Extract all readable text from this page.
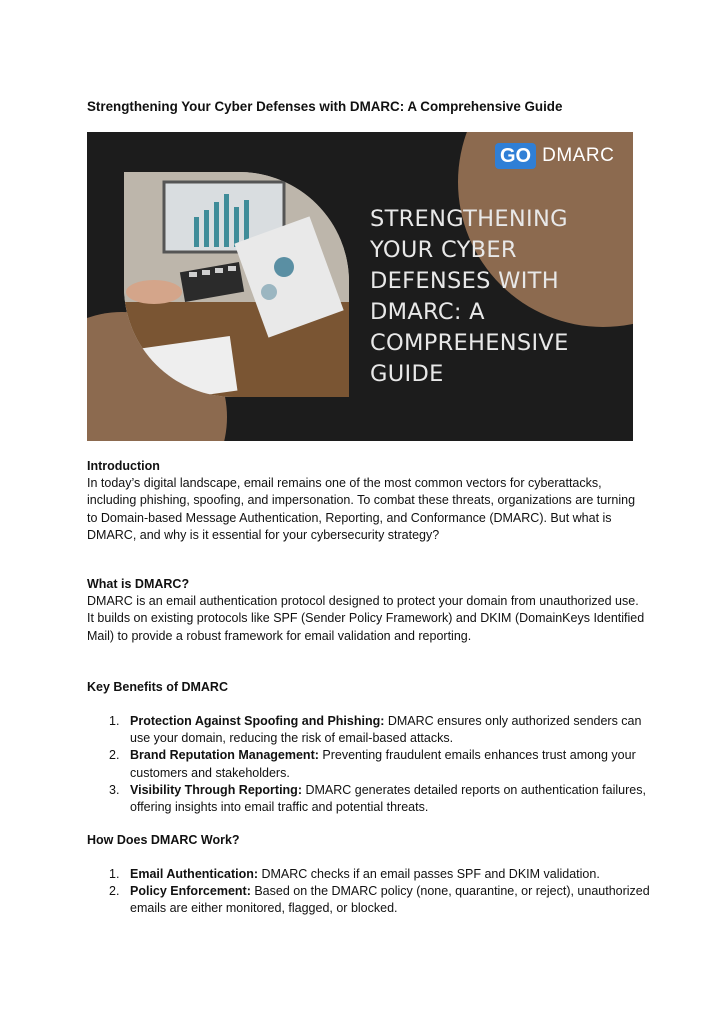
Strengthening Your Cyber Defenses with DMARC: A Comprehensive Guide
GO DMARC
STRENGTHENING
YOUR CYBER
DEFENSES WITH
DMARC: A
COMPREHENSIVE
GUIDE
Introduction

In today’s digital landscape, email remains one of the most common vectors for cyberattacks, including phishing, spoofing, and impersonation. To combat these threats, organizations are turning to Domain-based Message Authentication, Reporting, and Conformance (DMARC). But what is DMARC, and why is it essential for your cybersecurity strategy?

What is DMARC?

DMARC is an email authentication protocol designed to protect your domain from unauthorized use. It builds on existing protocols like SPF (Sender Policy Framework) and DKIM (DomainKeys Identified Mail) to provide a robust framework for email validation and reporting.

Key Benefits of DMARC
1. Protection Against Spoofing and Phishing: DMARC ensures only authorized senders can use your domain, reducing the risk of email-based attacks.
2. Brand Reputation Management: Preventing fraudulent emails enhances trust among your customers and stakeholders.
3. Visibility Through Reporting: DMARC generates detailed reports on authentication failures, offering insights into email traffic and potential threats.
How Does DMARC Work?
1. Email Authentication: DMARC checks if an email passes SPF and DKIM validation.
2. Policy Enforcement: Based on the DMARC policy (none, quarantine, or reject), unauthorized emails are either monitored, flagged, or blocked.
